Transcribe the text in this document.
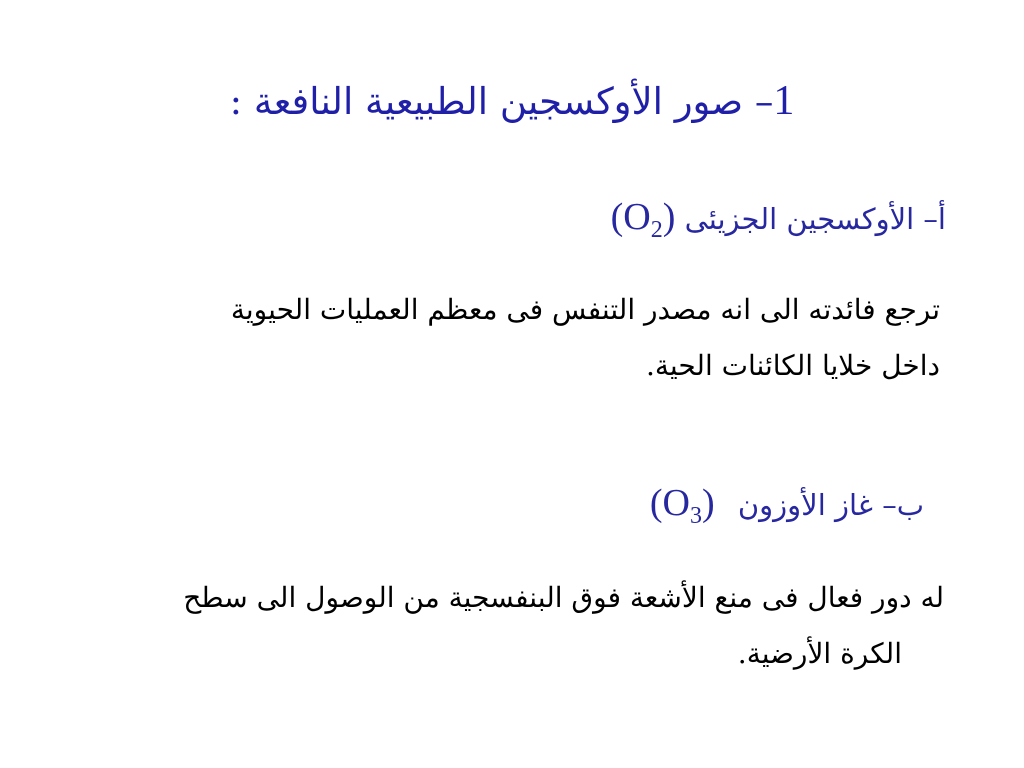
1– صور الأوكسجين الطبيعية النافعة :
أ– الأوكسجين الجزيئى $(O_2)$
ترجع فائدته الى انه مصدر التنفس فى معظم العمليات الحيوية
داخل خلايا الكائنات الحية.
ب– غاز الأوزون $(O_3)$
له دور فعال فى منع الأشعة فوق البنفسجية من الوصول الى سطح
الكرة الأرضية.
